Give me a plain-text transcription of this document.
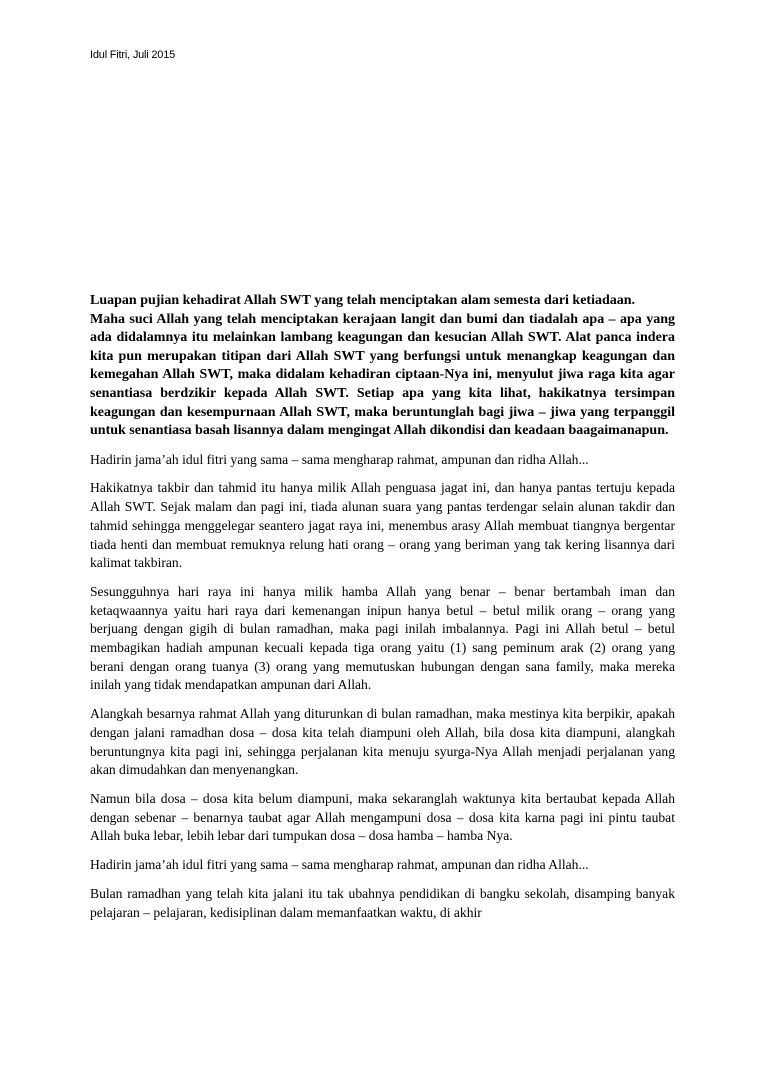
Idul Fitri, Juli 2015
Luapan pujian kehadirat Allah SWT yang telah menciptakan alam semesta dari ketiadaan.
Maha suci Allah yang telah menciptakan kerajaan langit dan bumi dan tiadalah apa – apa yang ada didalamnya itu melainkan lambang keagungan dan kesucian Allah SWT. Alat panca indera kita pun merupakan titipan dari Allah SWT yang berfungsi untuk menangkap keagungan dan kemegahan Allah SWT, maka didalam kehadiran ciptaan-Nya ini, menyulut jiwa raga kita agar senantiasa berdzikir kepada Allah SWT. Setiap apa yang kita lihat, hakikatnya tersimpan keagungan dan kesempurnaan Allah SWT, maka beruntunglah bagi jiwa – jiwa yang terpanggil untuk senantiasa basah lisannya dalam mengingat Allah dikondisi dan keadaan baagaimanapun.

Hadirin jama’ah idul fitri yang sama – sama mengharap rahmat, ampunan dan ridha Allah...

Hakikatnya takbir dan tahmid itu hanya milik Allah penguasa jagat ini, dan hanya pantas tertuju kepada Allah SWT. Sejak malam dan pagi ini, tiada alunan suara yang pantas terdengar selain alunan takdir dan tahmid sehingga menggelegar seantero jagat raya ini, menembus arasy Allah membuat tiangnya bergentar tiada henti dan membuat remuknya relung hati orang – orang yang beriman yang tak kering lisannya dari kalimat takbiran.

Sesungguhnya hari raya ini hanya milik hamba Allah yang benar – benar bertambah iman dan ketaqwaannya yaitu hari raya dari kemenangan inipun hanya betul – betul milik orang – orang yang berjuang dengan gigih di bulan ramadhan, maka pagi inilah imbalannya. Pagi ini Allah betul – betul membagikan hadiah ampunan kecuali kepada tiga orang yaitu (1) sang peminum arak (2) orang yang berani dengan orang tuanya (3) orang yang memutuskan hubungan dengan sana family, maka mereka inilah yang tidak mendapatkan ampunan dari Allah.

Alangkah besarnya rahmat Allah yang diturunkan di bulan ramadhan, maka mestinya kita berpikir, apakah dengan jalani ramadhan dosa – dosa kita telah diampuni oleh Allah, bila dosa kita diampuni, alangkah beruntungnya kita pagi ini, sehingga perjalanan kita menuju syurga-Nya Allah menjadi perjalanan yang akan dimudahkan dan menyenangkan.

Namun bila dosa – dosa kita belum diampuni, maka sekaranglah waktunya kita bertaubat kepada Allah dengan sebenar – benarnya taubat agar Allah mengampuni dosa – dosa kita karna pagi ini pintu taubat Allah buka lebar, lebih lebar dari tumpukan dosa – dosa hamba – hamba Nya.

Hadirin jama’ah idul fitri yang sama – sama mengharap rahmat, ampunan dan ridha Allah...

Bulan ramadhan yang telah kita jalani itu tak ubahnya pendidikan di bangku sekolah, disamping banyak pelajaran – pelajaran, kedisiplinan dalam memanfaatkan waktu, di akhir
